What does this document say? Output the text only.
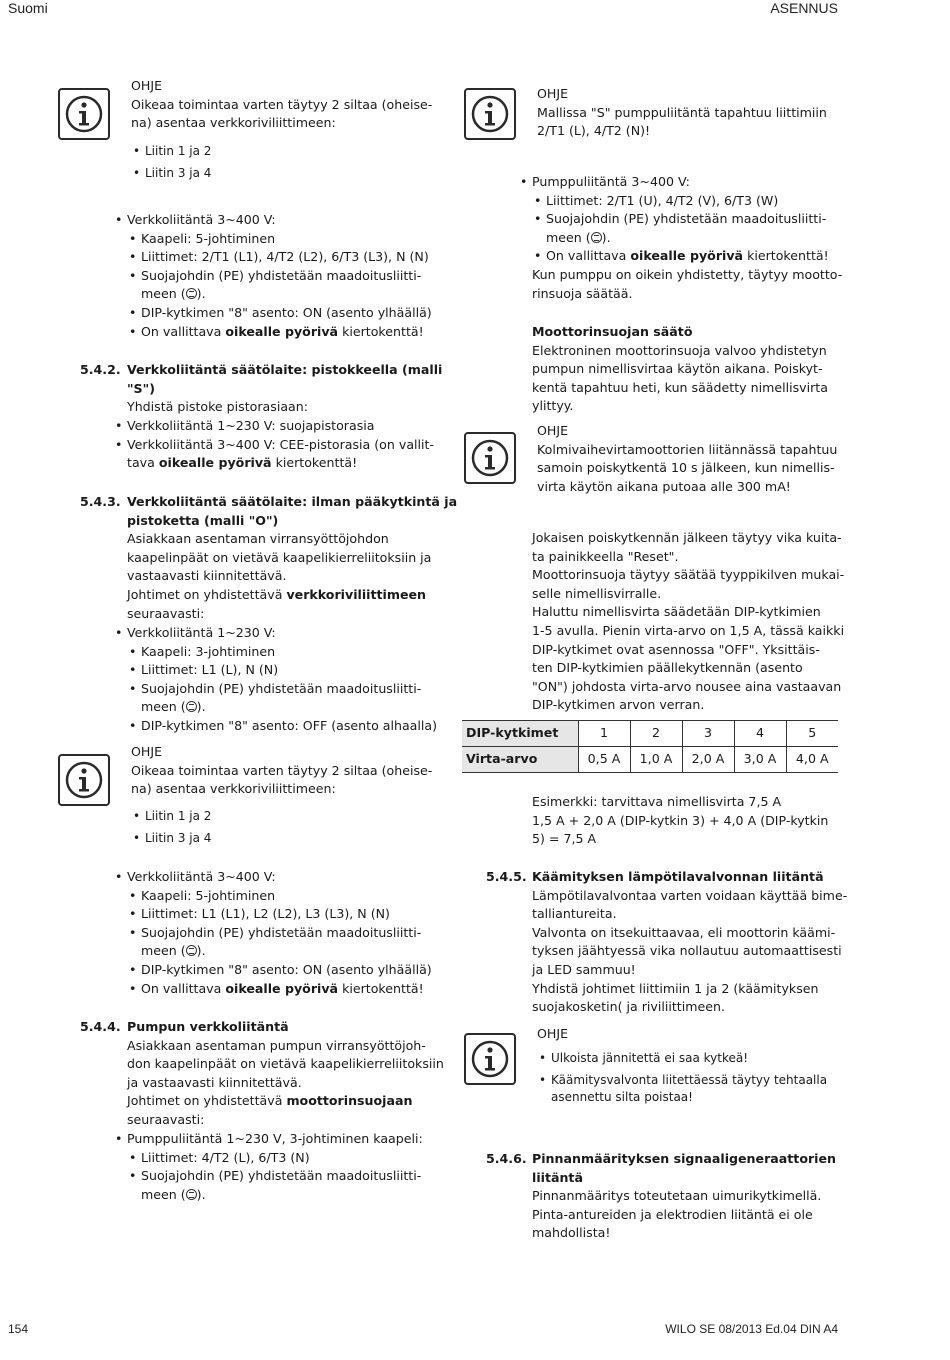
Suomi	ASENNUS

OHJE

Oikeaa toimintaa varten täytyy 2 siltaa (oheise-

na) asentaa verkkoriviliittimeen:

• Liitin 1 ja 2
• Liitin 3 ja 4
• Verkkoliitäntä 3~400 V:
• Kaapeli: 5-johtiminen
• Liittimet: 2/T1 (L1), 4/T2 (L2), 6/T3 (L3), N (N)
• Suojajohdin (PE) yhdistetään maadoitusliitti-
meen ( ).
• DIP-kytkimen "8" asento: ON (asento ylhäällä)
• On vallittava oikealle pyörivä kiertokenttä!
5.4.2. Verkkoliitäntä säätölaite: pistokkeella (malli

"S")

Yhdistä pistoke pistorasiaan:

• Verkkoliitäntä 1~230 V: suojapistorasia
• Verkkoliitäntä 3~400 V: CEE-pistorasia (on vallit-
tava oikealle pyörivä kiertokenttä!
5.4.3. Verkkoliitäntä säätölaite: ilman pääkytkintä ja

pistoketta (malli "O")

Asiakkaan asentaman virransyöttöjohdon

kaapelinpäät on vietävä kaapelikierreliitoksiin ja

vastaavasti kiinnitettävä.

Johtimet on yhdistettävä verkkoriviliittimeen

seuraavasti:

• Verkkoliitäntä 1~230 V:
• Kaapeli: 3-johtiminen
• Liittimet: L1 (L), N (N)
• Suojajohdin (PE) yhdistetään maadoitusliitti-
meen ( ).
• DIP-kytkimen "8" asento: OFF (asento alhaalla)

OHJE

Oikeaa toimintaa varten täytyy 2 siltaa (oheise-

na) asentaa verkkoriviliittimeen:

• Liitin 1 ja 2
• Liitin 3 ja 4
• Verkkoliitäntä 3~400 V:
• Kaapeli: 5-johtiminen
• Liittimet: L1 (L1), L2 (L2), L3 (L3), N (N)
• Suojajohdin (PE) yhdistetään maadoitusliitti-
meen ( ).
• DIP-kytkimen "8" asento: ON (asento ylhäällä)
• On vallittava oikealle pyörivä kiertokenttä!
5.4.4. Pumpun verkkoliitäntä

Asiakkaan asentaman pumpun virransyöttöjoh-

don kaapelinpäät on vietävä kaapelikierreliitoksiin

ja vastaavasti kiinnitettävä.

Johtimet on yhdistettävä moottorinsuojaan

seuraavasti:

• Pumppuliitäntä 1~230 V, 3-johtiminen kaapeli:
• Liittimet: 4/T2 (L), 6/T3 (N)
• Suojajohdin (PE) yhdistetään maadoitusliitti-
meen ( ).

OHJE

Mallissa "S" pumppuliitäntä tapahtuu liittimiin

2/T1 (L), 4/T2 (N)!

• Pumppuliitäntä 3~400 V:
• Liittimet: 2/T1 (U), 4/T2 (V), 6/T3 (W)
• Suojajohdin (PE) yhdistetään maadoitusliitti-
meen ( ).
• On vallittava oikealle pyörivä kiertokenttä!

Kun pumppu on oikein yhdistetty, täytyy mootto-

rinsuoja säätää.

Moottorinsuojan säätö

Elektroninen moottorinsuoja valvoo yhdistetyn

pumpun nimellisvirtaa käytön aikana. Poiskyt-

kentä tapahtuu heti, kun säädetty nimellisvirta

ylittyy.

OHJE

Kolmivaihevirtamoottorien liitännässä tapahtuu

samoin poiskytkentä 10 s jälkeen, kun nimellis-

virta käytön aikana putoaa alle 300 mA!

Jokaisen poiskytkennän jälkeen täytyy vika kuita-

ta painikkeella "Reset".

Moottorinsuoja täytyy säätää tyyppikilven mukai-

selle nimellisvirralle.

Haluttu nimellisvirta säädetään DIP-kytkimien

1-5 avulla. Pienin virta-arvo on 1,5 A, tässä kaikki

DIP-kytkimet ovat asennossa "OFF". Yksittäis-

ten DIP-kytkimien päällekytkennän (asento

"ON") johdosta virta-arvo nousee aina vastaavan

DIP-kytkimen arvon verran.

DIP-kytkimet	1	2	3	4	5
Virta-arvo	0,5 A	1,0 A	2,0 A	3,0 A	4,0 A

Esimerkki: tarvittava nimellisvirta 7,5 A

1,5 A + 2,0 A (DIP-kytkin 3) + 4,0 A (DIP-kytkin

5) = 7,5 A

5.4.5. Käämityksen lämpötilavalvonnan liitäntä

Lämpötilavalvontaa varten voidaan käyttää bime-

talliantureita.

Valvonta on itsekuittaavaa, eli moottorin käämi-

tyksen jäähtyessä vika nollautuu automaattisesti

ja LED sammuu!

Yhdistä johtimet liittimiin 1 ja 2 (käämityksen

suojakosketin( ja riviliittimeen.

OHJE

• Ulkoista jännitettä ei saa kytkeä!
• Käämitysvalvonta liitettäessä täytyy tehtaalla
asennettu silta poistaa!
5.4.6. Pinnanmäärityksen signaaligeneraattorien

liitäntä

Pinnanmääritys toteutetaan uimurikytkimellä.

Pinta-antureiden ja elektrodien liitäntä ei ole

mahdollista!

154	WILO SE 08/2013 Ed.04 DIN A4
